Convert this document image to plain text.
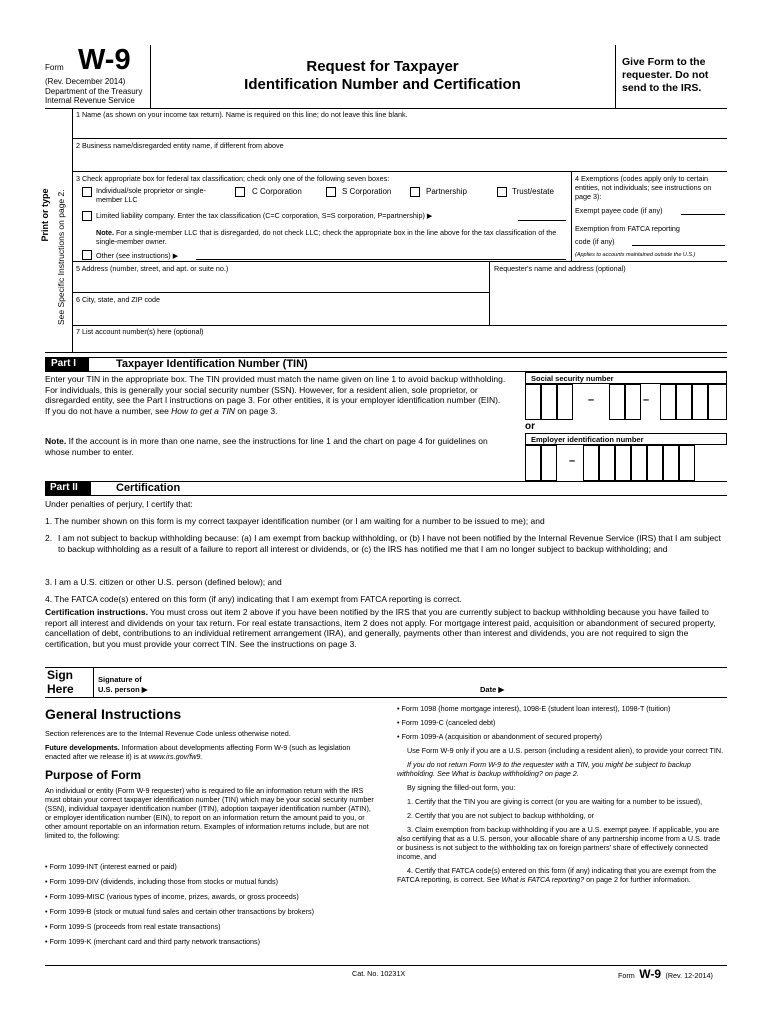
Form W-9
(Rev. December 2014)
Department of the Treasury
Internal Revenue Service
Request for Taxpayer
Identification Number and Certification
Give Form to the requester. Do not send to the IRS.
Print or type See Specific Instructions on page 2.
1 Name (as shown on your income tax return). Name is required on this line; do not leave this line blank.
2 Business name/disregarded entity name, if different from above
3 Check appropriate box for federal tax classification; check only one of the following seven boxes:
Individual/sole proprietor or single-member LLC
C Corporation	S Corporation	Partnership	Trust/estate
Limited liability company. Enter the tax classification (C=C corporation, S=S corporation, P=partnership) ▶
Note. For a single-member LLC that is disregarded, do not check LLC; check the appropriate box in the line above for the tax classification of the single-member owner.
Other (see instructions) ▶
4 Exemptions (codes apply only to certain entities, not individuals; see instructions on page 3):
Exempt payee code (if any)
Exemption from FATCA reporting
code (if any)
(Applies to accounts maintained outside the U.S.)
5 Address (number, street, and apt. or suite no.)	Requester's name and address (optional)
6 City, state, and ZIP code
7 List account number(s) here (optional)
Part I	Taxpayer Identification Number (TIN)
Enter your TIN in the appropriate box. The TIN provided must match the name given on line 1 to avoid backup withholding. For individuals, this is generally your social security number (SSN). However, for a resident alien, sole proprietor, or disregarded entity, see the Part I instructions on page 3. For other entities, it is your employer identification number (EIN). If you do not have a number, see How to get a TIN on page 3.
Note. If the account is in more than one name, see the instructions for line 1 and the chart on page 4 for guidelines on whose number to enter.
Social security number
–	–
or
Employer identification number
–
Part II	Certification
Under penalties of perjury, I certify that:
1. The number shown on this form is my correct taxpayer identification number (or I am waiting for a number to be issued to me); and
2. I am not subject to backup withholding because: (a) I am exempt from backup withholding, or (b) I have not been notified by the Internal Revenue Service (IRS) that I am subject to backup withholding as a result of a failure to report all interest or dividends, or (c) the IRS has notified me that I am no longer subject to backup withholding; and
3. I am a U.S. citizen or other U.S. person (defined below); and
4. The FATCA code(s) entered on this form (if any) indicating that I am exempt from FATCA reporting is correct.
Certification instructions. You must cross out item 2 above if you have been notified by the IRS that you are currently subject to backup withholding because you have failed to report all interest and dividends on your tax return. For real estate transactions, item 2 does not apply. For mortgage interest paid, acquisition or abandonment of secured property, cancellation of debt, contributions to an individual retirement arrangement (IRA), and generally, payments other than interest and dividends, you are not required to sign the certification, but you must provide your correct TIN. See the instructions on page 3.
Sign
Here
Signature of
U.S. person ▶	Date ▶
General Instructions
Section references are to the Internal Revenue Code unless otherwise noted.
Future developments. Information about developments affecting Form W-9 (such as legislation enacted after we release it) is at www.irs.gov/fw9.
Purpose of Form
An individual or entity (Form W-9 requester) who is required to file an information return with the IRS must obtain your correct taxpayer identification number (TIN) which may be your social security number (SSN), individual taxpayer identification number (ITIN), adoption taxpayer identification number (ATIN), or employer identification number (EIN), to report on an information return the amount paid to you, or other amount reportable on an information return. Examples of information returns include, but are not limited to, the following:
• Form 1099-INT (interest earned or paid)
• Form 1099-DIV (dividends, including those from stocks or mutual funds)
• Form 1099-MISC (various types of income, prizes, awards, or gross proceeds)
• Form 1099-B (stock or mutual fund sales and certain other transactions by brokers)
• Form 1099-S (proceeds from real estate transactions)
• Form 1099-K (merchant card and third party network transactions)
• Form 1098 (home mortgage interest), 1098-E (student loan interest), 1098-T (tuition)
• Form 1099-C (canceled debt)
• Form 1099-A (acquisition or abandonment of secured property)
Use Form W-9 only if you are a U.S. person (including a resident alien), to provide your correct TIN.
If you do not return Form W-9 to the requester with a TIN, you might be subject to backup withholding. See What is backup withholding? on page 2.
By signing the filled-out form, you:
1. Certify that the TIN you are giving is correct (or you are waiting for a number to be issued),
2. Certify that you are not subject to backup withholding, or
3. Claim exemption from backup withholding if you are a U.S. exempt payee. If applicable, you are also certifying that as a U.S. person, your allocable share of any partnership income from a U.S. trade or business is not subject to the withholding tax on foreign partners' share of effectively connected income, and
4. Certify that FATCA code(s) entered on this form (if any) indicating that you are exempt from the FATCA reporting, is correct. See What is FATCA reporting? on page 2 for further information.
Cat. No. 10231X	Form W-9 (Rev. 12-2014)
